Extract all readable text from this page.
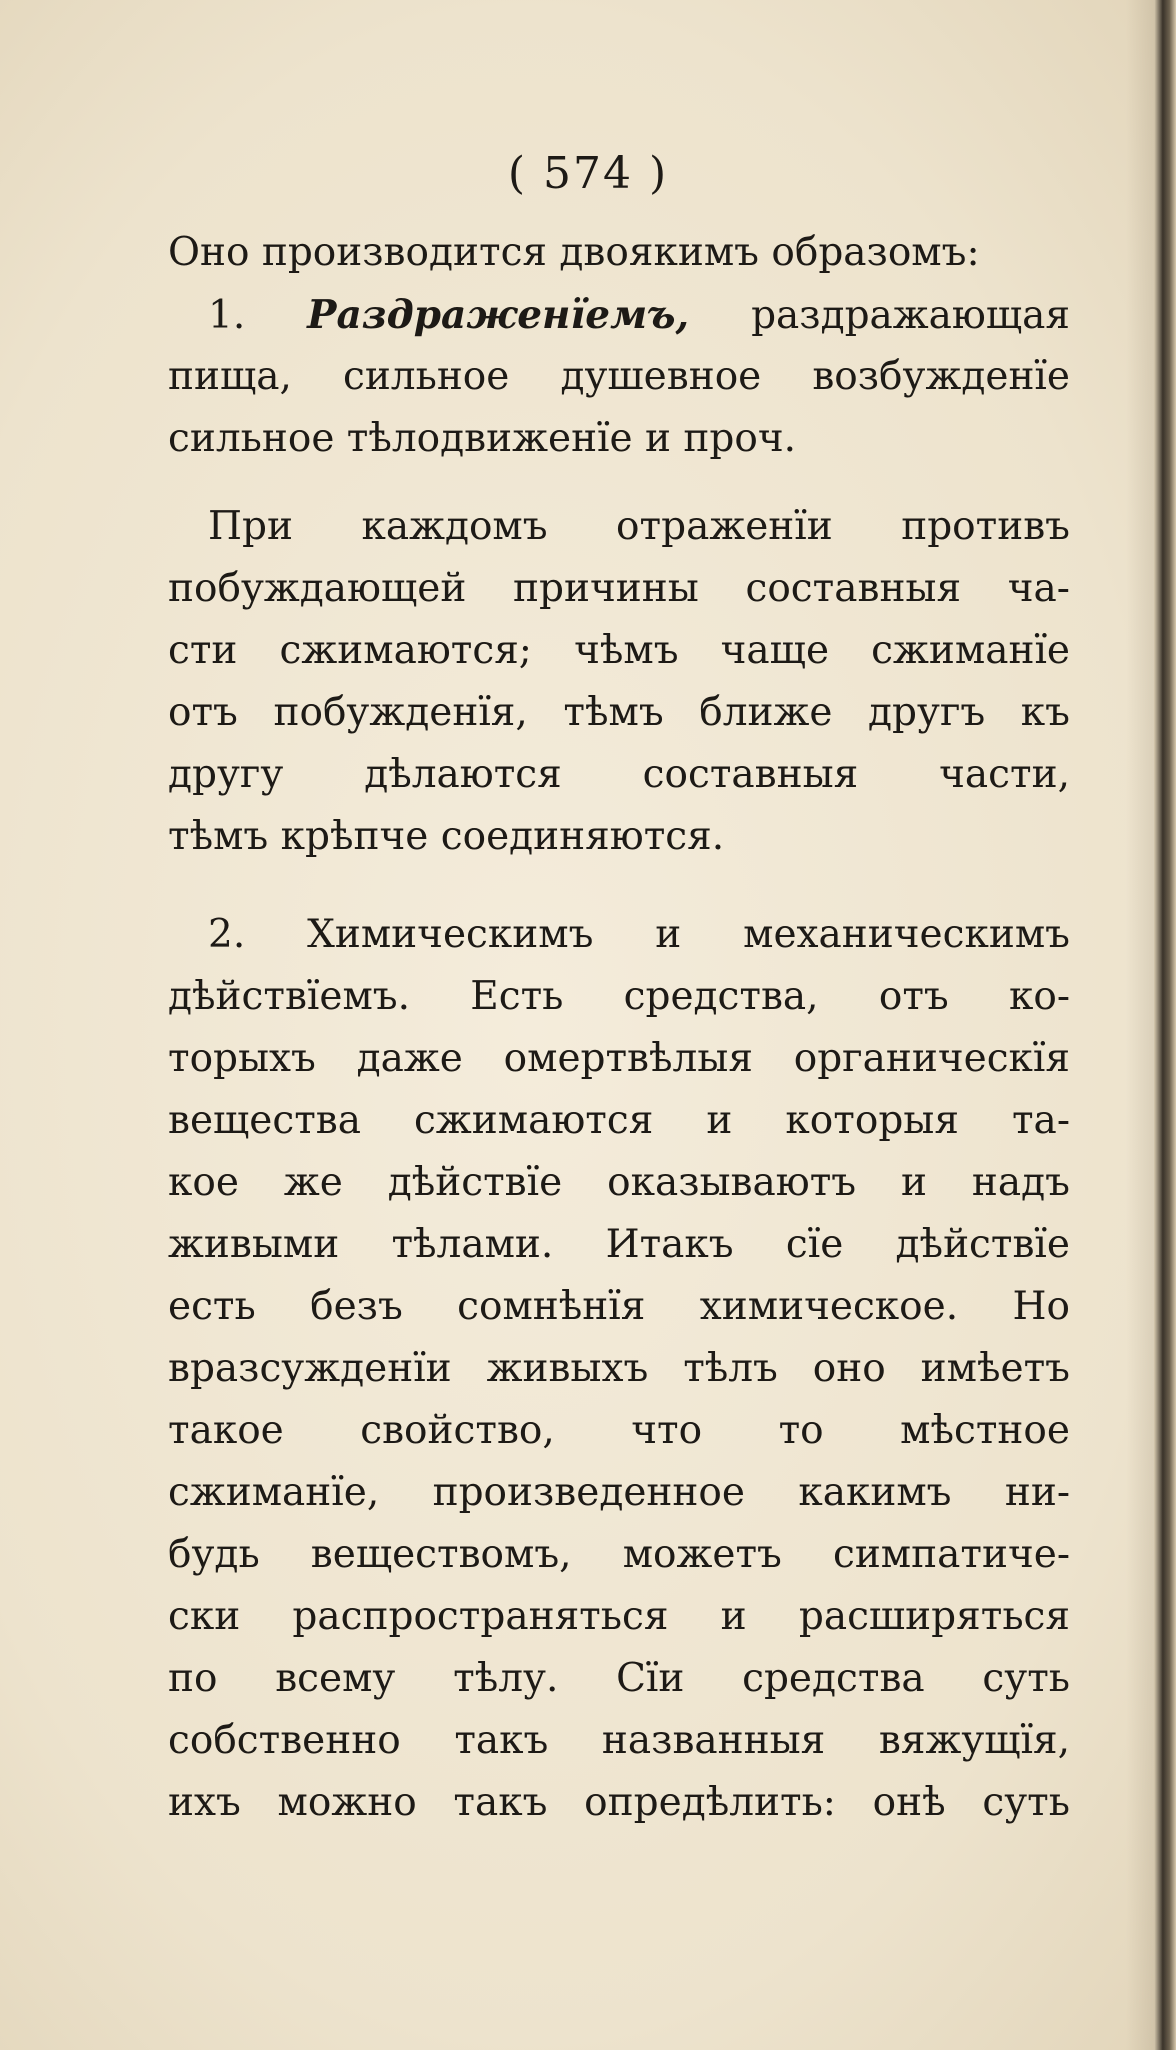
( 574 )
Оно производится двоякимъ образомъ:
1. Раздраженïемъ, раздражающая
пища, сильное душевное возбужденïе
сильное тѣлодвиженïе и проч.
При каждомъ отраженïи противъ
побуждающей причины составныя ча-
сти сжимаются; чѣмъ чаще сжиманïе
отъ побужденïя, тѣмъ ближе другъ къ
другу дѣлаются составныя части,
тѣмъ крѣпче соединяются.
2. Химическимъ и механическимъ
дѣйствïемъ. Есть средства, отъ ко-
торыхъ даже омертвѣлыя органическïя
вещества сжимаются и которыя та-
кое же дѣйствïе оказываютъ и надъ
живыми тѣлами. Итакъ сïе дѣйствïе
есть безъ сомнѣнïя химическое. Но
вразсужденïи живыхъ тѣлъ оно имѣетъ
такое свойство, что то мѣстное
сжиманïе, произведенное какимъ ни-
будь веществомъ, можетъ симпатиче-
ски распространяться и расширяться
по всему тѣлу. Сïи средства суть
собственно такъ названныя вяжущïя,
ихъ можно такъ опредѣлить: онѣ суть
